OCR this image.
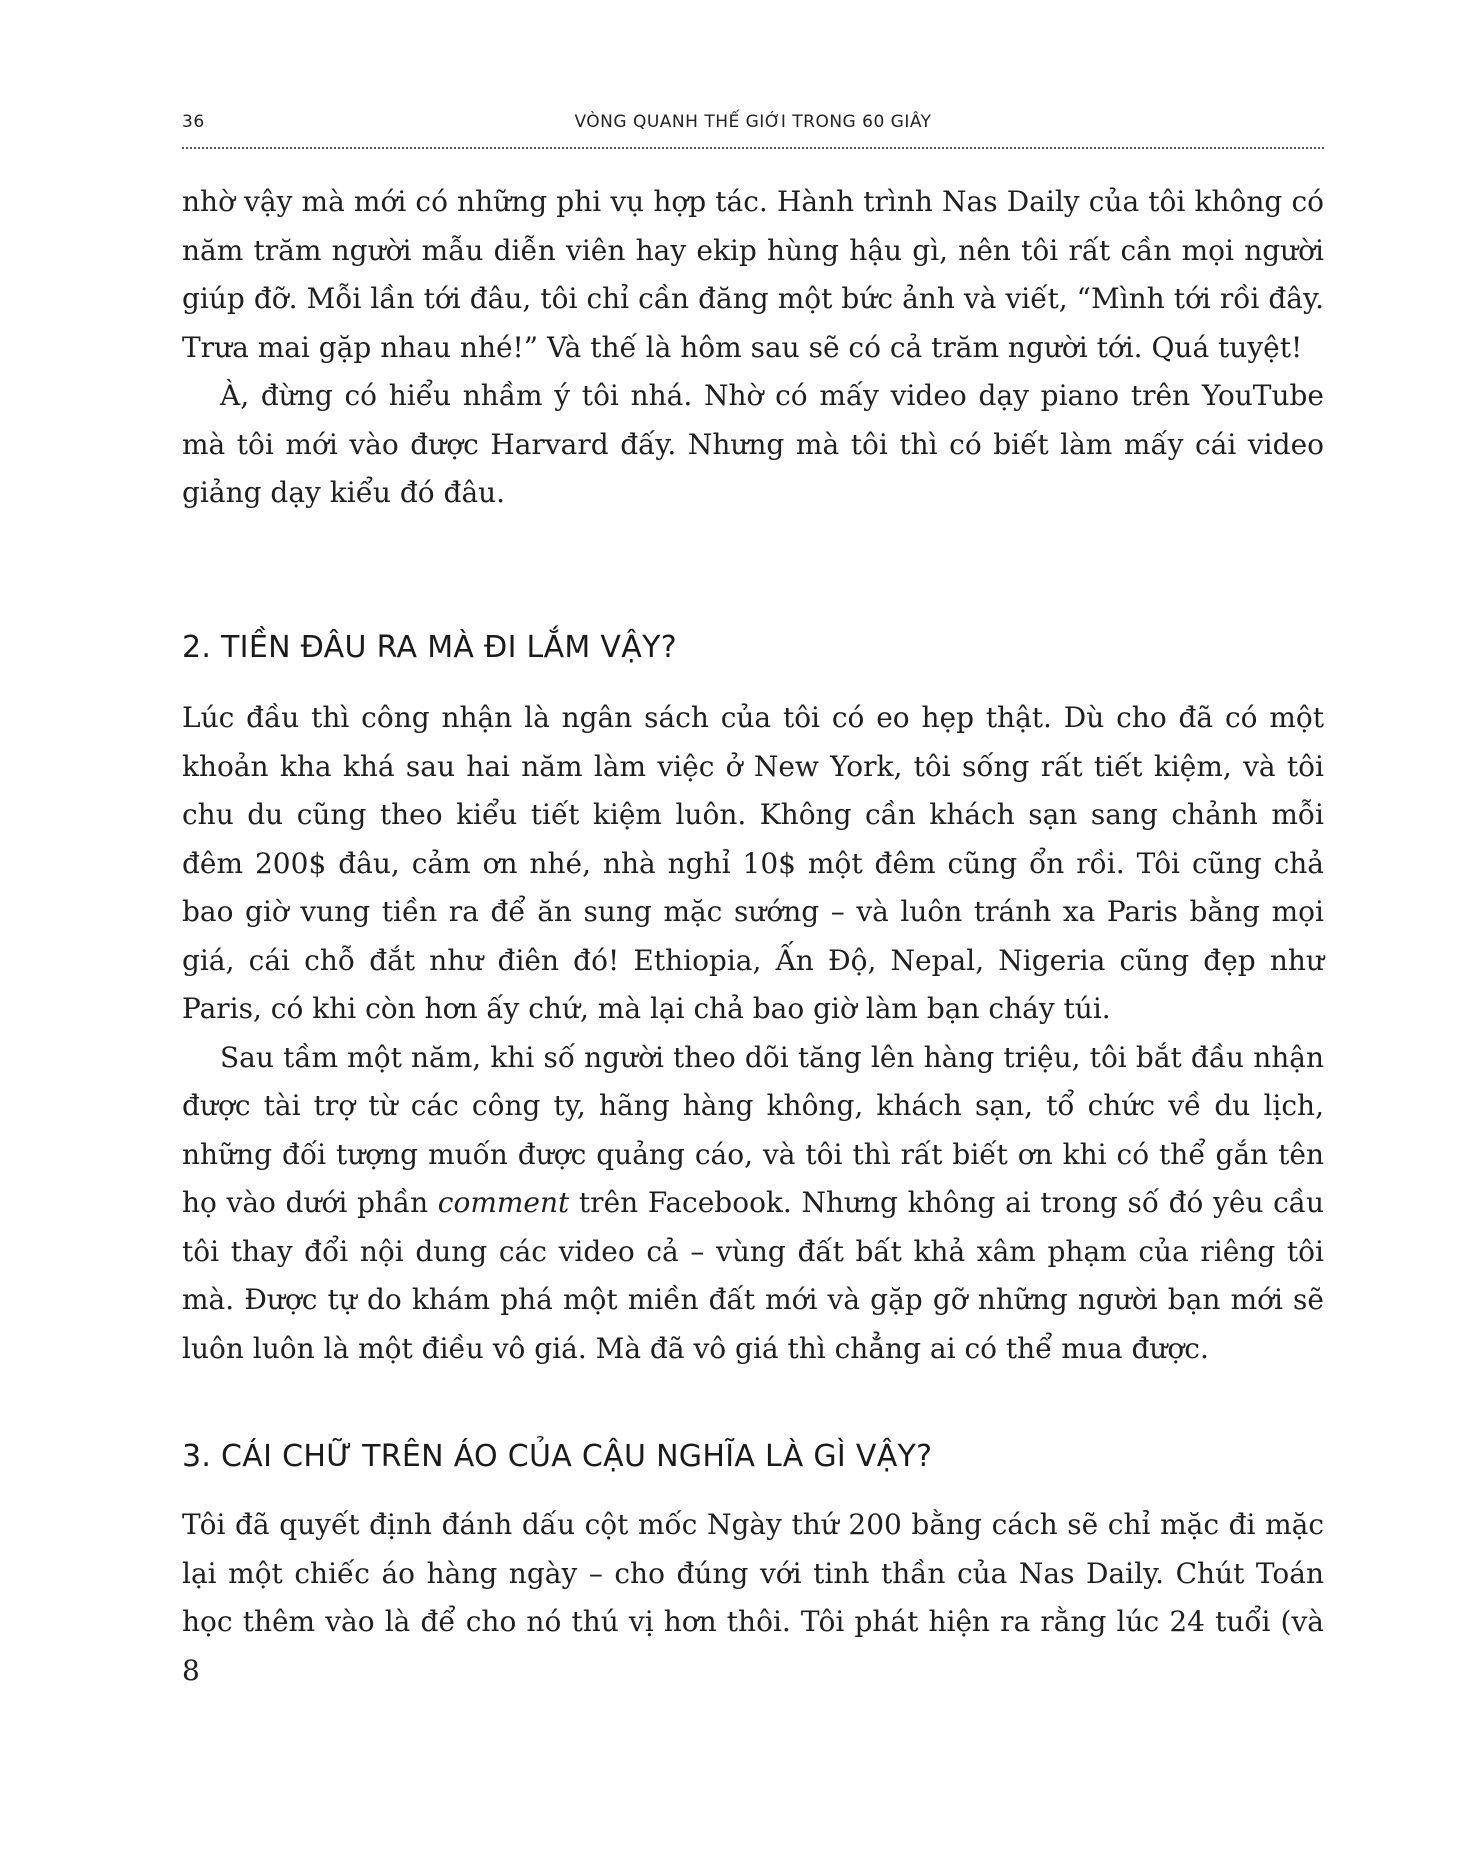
36	VÒNG QUANH THẾ GIỚI TRONG 60 GIÂY

nhờ vậy mà mới có những phi vụ hợp tác. Hành trình Nas Daily của tôi không có năm trăm người mẫu diễn viên hay ekip hùng hậu gì, nên tôi rất cần mọi người giúp đỡ. Mỗi lần tới đâu, tôi chỉ cần đăng một bức ảnh và viết, “Mình tới rồi đây. Trưa mai gặp nhau nhé!” Và thế là hôm sau sẽ có cả trăm người tới. Quá tuyệt!

À, đừng có hiểu nhầm ý tôi nhá. Nhờ có mấy video dạy piano trên YouTube mà tôi mới vào được Harvard đấy. Nhưng mà tôi thì có biết làm mấy cái video giảng dạy kiểu đó đâu.

2. TIỀN ĐÂU RA MÀ ĐI LẮM VẬY?

Lúc đầu thì công nhận là ngân sách của tôi có eo hẹp thật. Dù cho đã có một khoản kha khá sau hai năm làm việc ở New York, tôi sống rất tiết kiệm, và tôi chu du cũng theo kiểu tiết kiệm luôn. Không cần khách sạn sang chảnh mỗi đêm 200$ đâu, cảm ơn nhé, nhà nghỉ 10$ một đêm cũng ổn rồi. Tôi cũng chả bao giờ vung tiền ra để ăn sung mặc sướng – và luôn tránh xa Paris bằng mọi giá, cái chỗ đắt như điên đó! Ethiopia, Ấn Độ, Nepal, Nigeria cũng đẹp như Paris, có khi còn hơn ấy chứ, mà lại chả bao giờ làm bạn cháy túi.

Sau tầm một năm, khi số người theo dõi tăng lên hàng triệu, tôi bắt đầu nhận được tài trợ từ các công ty, hãng hàng không, khách sạn, tổ chức về du lịch, những đối tượng muốn được quảng cáo, và tôi thì rất biết ơn khi có thể gắn tên họ vào dưới phần comment trên Facebook. Nhưng không ai trong số đó yêu cầu tôi thay đổi nội dung các video cả – vùng đất bất khả xâm phạm của riêng tôi mà. Được tự do khám phá một miền đất mới và gặp gỡ những người bạn mới sẽ luôn luôn là một điều vô giá. Mà đã vô giá thì chẳng ai có thể mua được.

3. CÁI CHỮ TRÊN ÁO CỦA CẬU NGHĨA LÀ GÌ VẬY?

Tôi đã quyết định đánh dấu cột mốc Ngày thứ 200 bằng cách sẽ chỉ mặc đi mặc lại một chiếc áo hàng ngày – cho đúng với tinh thần của Nas Daily. Chút Toán học thêm vào là để cho nó thú vị hơn thôi. Tôi phát hiện ra rằng lúc 24 tuổi (và 8
